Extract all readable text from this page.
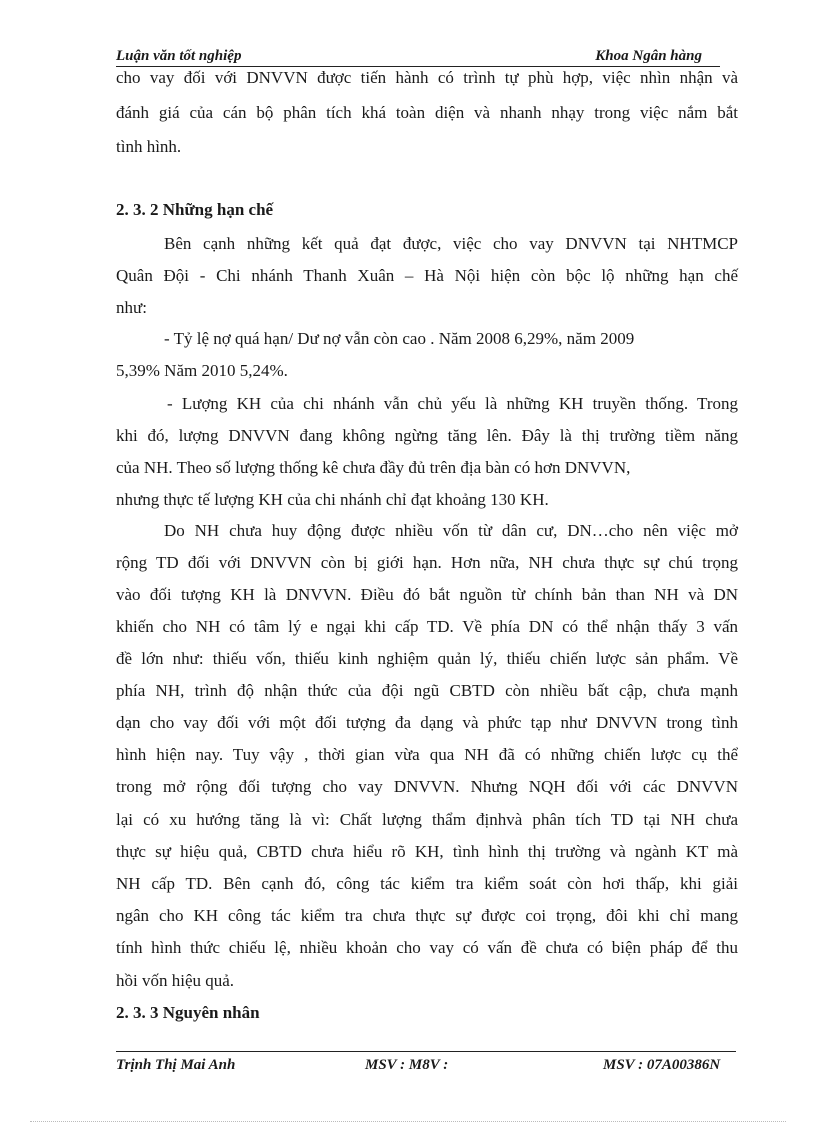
Luận văn tốt nghiệp	Khoa Ngân hàng
cho vay đối với DNVVN được tiến hành có trình tự phù hợp, việc nhìn nhận và
đánh giá của cán bộ phân tích khá toàn diện và nhanh nhạy trong việc nắm bắt
tình hình.
2. 3. 2 Những hạn chế
Bên cạnh những kết quả đạt được, việc cho vay DNVVN tại NHTMCP
Quân Đội - Chi nhánh Thanh Xuân – Hà Nội hiện còn bộc lộ những hạn chế
như:
- Tỷ lệ nợ quá hạn/ Dư nợ vẫn còn cao . Năm 2008 6,29%, năm 2009
5,39% Năm 2010 5,24%.
- Lượng KH của chi nhánh vẫn chủ yếu là những KH truyền thống. Trong
khi đó, lượng DNVVN đang không ngừng tăng lên. Đây là thị trường tiềm năng
của NH. Theo số lượng thống kê chưa đầy đủ trên địa bàn có hơn DNVVN,
nhưng thực tế lượng KH của chi nhánh chỉ đạt khoảng 130 KH.
Do NH chưa huy động được nhiều vốn từ dân cư, DN…cho nên việc mở
rộng TD đối với DNVVN còn bị giới hạn. Hơn nữa, NH chưa thực sự chú trọng
vào đối tượng KH là DNVVN. Điều đó bắt nguồn từ chính bản than NH và DN
khiến cho NH có tâm lý e ngại khi cấp TD. Về phía DN có thể nhận thấy 3 vấn
đề lớn như: thiếu vốn, thiếu kinh nghiệm quản lý, thiếu chiến lược sản phẩm. Về
phía NH, trình độ nhận thức của đội ngũ CBTD còn nhiều bất cập, chưa mạnh
dạn cho vay đối với một đối tượng đa dạng và phức tạp như DNVVN trong tình
hình hiện nay. Tuy vậy , thời gian vừa qua NH đã có những chiến lược cụ thể
trong mở rộng đối tượng cho vay DNVVN. Nhưng NQH đối với các DNVVN
lại có xu hướng tăng là vì: Chất lượng thẩm địnhvà phân tích TD tại NH chưa
thực sự hiệu quả, CBTD chưa hiểu rõ KH, tình hình thị trường và ngành KT mà
NH cấp TD. Bên cạnh đó, công tác kiểm tra kiểm soát còn hơi thấp, khi giải
ngân cho KH công tác kiểm tra chưa thực sự được coi trọng, đôi khi chỉ mang
tính hình thức chiếu lệ, nhiều khoản cho vay có vấn đề chưa có biện pháp để thu
hồi vốn hiệu quả.
2. 3. 3 Nguyên nhân
Trịnh Thị Mai Anh	MSV : M8V :	MSV : 07A00386N
